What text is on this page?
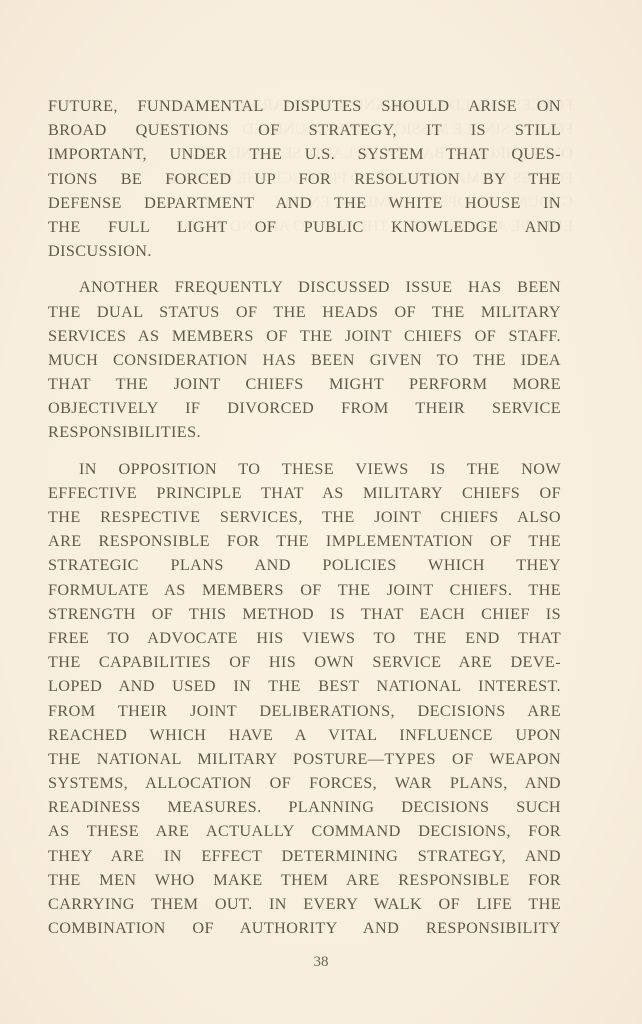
FUTURE, FUNDAMENTAL DISPUTES SHOULD ARISE ON
BROAD QUESTIONS OF STRATEGY, IT IS STILL
IMPORTANT, UNDER THE U.S. SYSTEM THAT QUES-
TIONS BE FORCED UP FOR RESOLUTION BY THE
DEFENSE DEPARTMENT AND THE WHITE HOUSE IN
THE FULL LIGHT OF PUBLIC KNOWLEDGE AND
DISCUSSION.
ANOTHER FREQUENTLY DISCUSSED ISSUE HAS BEEN
THE DUAL STATUS OF THE HEADS OF THE MILITARY
SERVICES AS MEMBERS OF THE JOINT CHIEFS OF STAFF.
MUCH CONSIDERATION HAS BEEN GIVEN TO THE IDEA
THAT THE JOINT CHIEFS MIGHT PERFORM MORE
OBJECTIVELY IF DIVORCED FROM THEIR SERVICE
RESPONSIBILITIES.
IN OPPOSITION TO THESE VIEWS IS THE NOW
EFFECTIVE PRINCIPLE THAT AS MILITARY CHIEFS OF
THE RESPECTIVE SERVICES, THE JOINT CHIEFS ALSO
ARE RESPONSIBLE FOR THE IMPLEMENTATION OF THE
STRATEGIC PLANS AND POLICIES WHICH THEY
FORMULATE AS MEMBERS OF THE JOINT CHIEFS. THE
STRENGTH OF THIS METHOD IS THAT EACH CHIEF IS
FREE TO ADVOCATE HIS VIEWS TO THE END THAT
THE CAPABILITIES OF HIS OWN SERVICE ARE DEVE-
LOPED AND USED IN THE BEST NATIONAL INTEREST.
FROM THEIR JOINT DELIBERATIONS, DECISIONS ARE
REACHED WHICH HAVE A VITAL INFLUENCE UPON
THE NATIONAL MILITARY POSTURE—TYPES OF WEAPON
SYSTEMS, ALLOCATION OF FORCES, WAR PLANS, AND
READINESS MEASURES. PLANNING DECISIONS SUCH
AS THESE ARE ACTUALLY COMMAND DECISIONS, FOR
THEY ARE IN EFFECT DETERMINING STRATEGY, AND
THE MEN WHO MAKE THEM ARE RESPONSIBLE FOR
CARRYING THEM OUT. IN EVERY WALK OF LIFE THE
COMBINATION OF AUTHORITY AND RESPONSIBILITY
38
